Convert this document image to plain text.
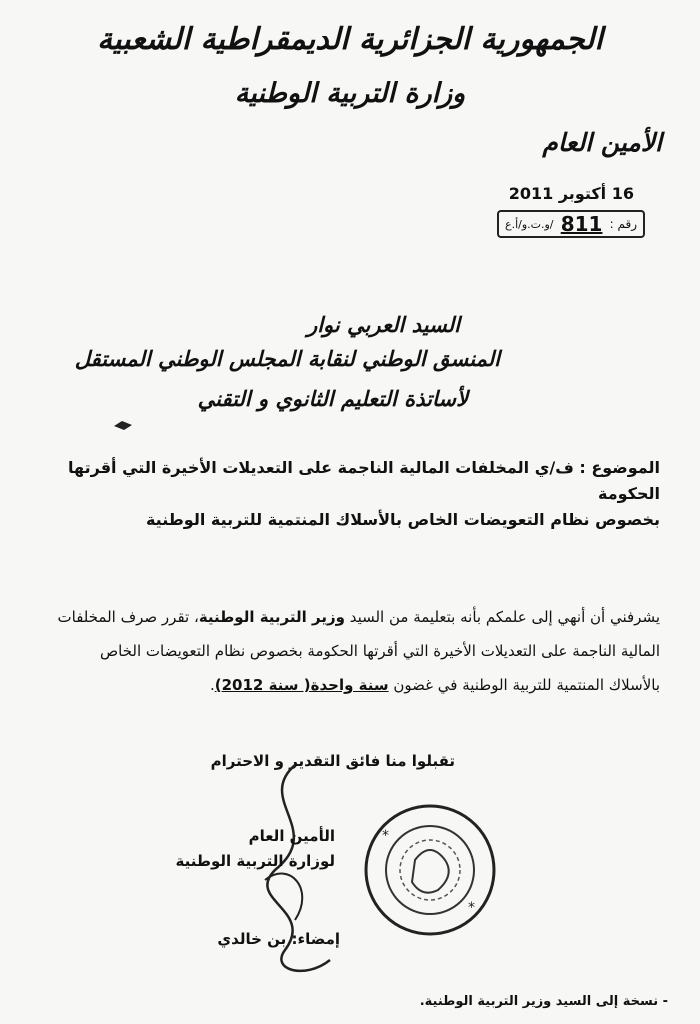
الجمهورية الجزائرية الديمقراطية الشعبية
وزارة التربية الوطنية
الأمين العام
16 أكتوبر 2011
رقم :
811
/و.ت.و/أ.ع
السيد العربي نوار
المنسق الوطني لنقابة المجلس الوطني المستقل
لأساتذة التعليم الثانوي و التقني
الموضوع : ف/ي المخلفات المالية الناجمة على التعديلات الأخيرة التي أقرتها الحكومة
بخصوص نظام التعويضات الخاص بالأسلاك المنتمية للتربية الوطنية
يشرفني أن أنهي إلى علمكم بأنه بتعليمة من السيد وزير التربية الوطنية، تقرر صرف المخلفات
المالية الناجمة على التعديلات الأخيرة التي أقرتها الحكومة بخصوص نظام التعويضات الخاص
بالأسلاك المنتمية للتربية الوطنية في غضون سنة واحدة( سنة 2012).
تقبلوا منا فائق التقدير و الاحترام
*
*
الأمين العام
لوزارة التربية الوطنية
إمضاء: بن خالدي
- نسخة إلى السيد وزير التربية الوطنية.
